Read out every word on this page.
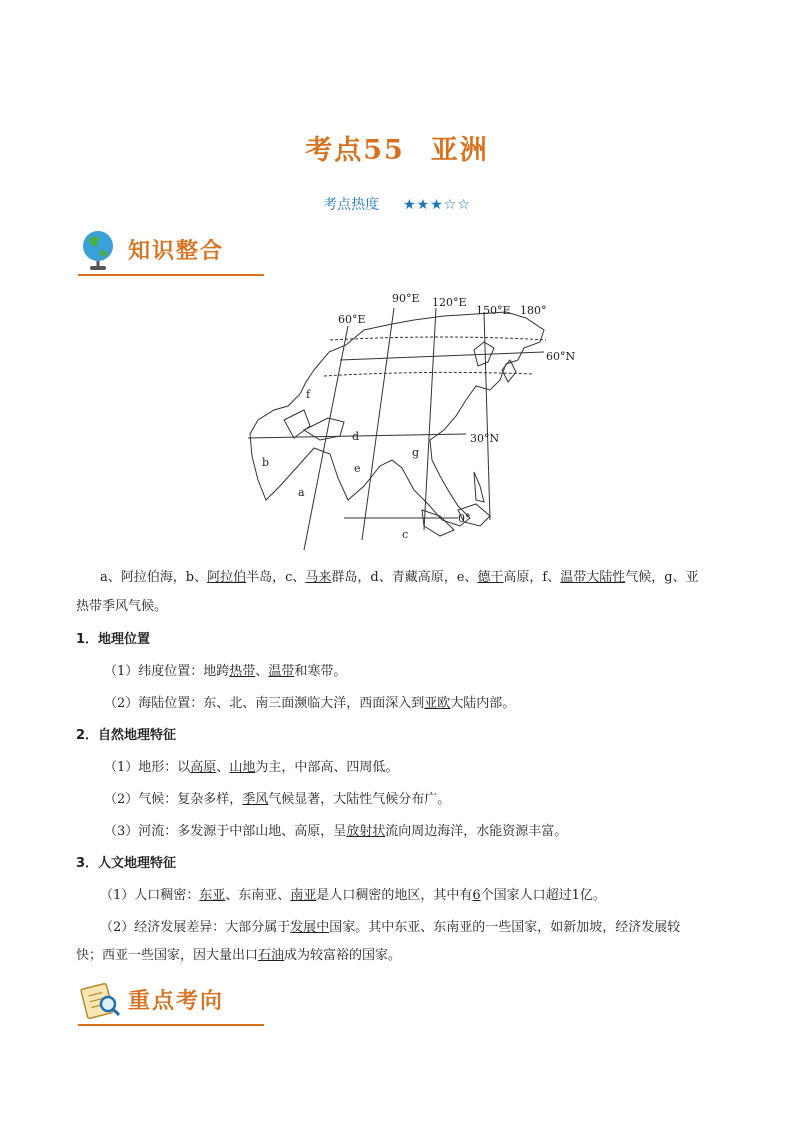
考点55 亚洲
考点热度 ★★★☆☆
知识整合
60°E
90°E 120°E
150°E 180°
60°N
30°N
0°
a
b
c
d
e
f
g
a、阿拉伯海，b、阿拉伯半岛，c、马来群岛，d、青藏高原，e、德干高原，f、温带大陆性气候，g、亚
热带季风气候。
1．地理位置
（1）纬度位置：地跨热带、温带和寒带。
（2）海陆位置：东、北、南三面濒临大洋，西面深入到亚欧大陆内部。
2．自然地理特征
（1）地形：以高原、山地为主，中部高、四周低。
（2）气候：复杂多样，季风气候显著，大陆性气候分布广。
（3）河流：多发源于中部山地、高原，呈放射状流向周边海洋，水能资源丰富。
3．人文地理特征
（1）人口稠密：东亚、东南亚、南亚是人口稠密的地区，其中有6个国家人口超过1亿。
（2）经济发展差异：大部分属于发展中国家。其中东亚、东南亚的一些国家，如新加坡，经济发展较
快；西亚一些国家，因大量出口石油成为较富裕的国家。
重点考向
